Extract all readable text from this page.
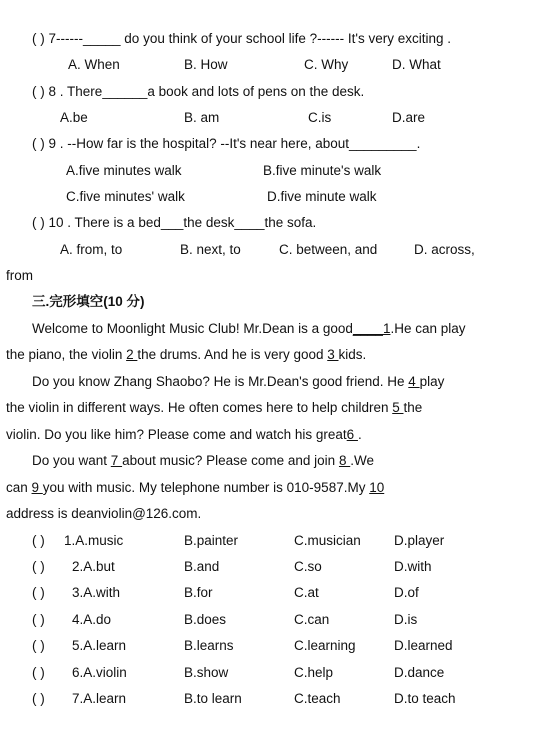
( ) 7------_____ do you think of your school life ?------ It's very exciting .
A. When	B. How	C. Why	D. What
( ) 8 . There______a book and lots of pens on the desk.
A.be	B. am	C.is	D.are
( ) 9 . --How far is the hospital? --It's near here, about_________.
A.five minutes walk	B.five minute's walk
C.five minutes' walk	D.five minute walk
( ) 10 . There is a bed___the desk____the sofa.
A. from, to	B. next, to	C. between, and	D. across,
from
三.完形填空(10 分)
Welcome to Moonlight Music Club! Mr.Dean is a good____1.He can play
the piano, the violin 2 the drums. And he is very good 3 kids.
Do you know Zhang Shaobo? He is Mr.Dean's good friend. He 4 play
the violin in different ways. He often comes here to help children 5 the
violin. Do you like him? Please come and watch his great6 .
Do you want 7 about music? Please come and join 8 .We
can 9 you with music. My telephone number is 010-9587.My 10
address is deanviolin@126.com.
( ) 1.A.music	B.painter	C.musician D.player
( ) 2.A.but	B.and	C.so	D.with
( ) 3.A.with	B.for	C.at	D.of
( ) 4.A.do	B.does	C.can	D.is
( ) 5.A.learn	B.learns	C.learning	D.learned
( ) 6.A.violin	B.show	C.help	D.dance
( ) 7.A.learn	B.to learn	C.teach	D.to teach
